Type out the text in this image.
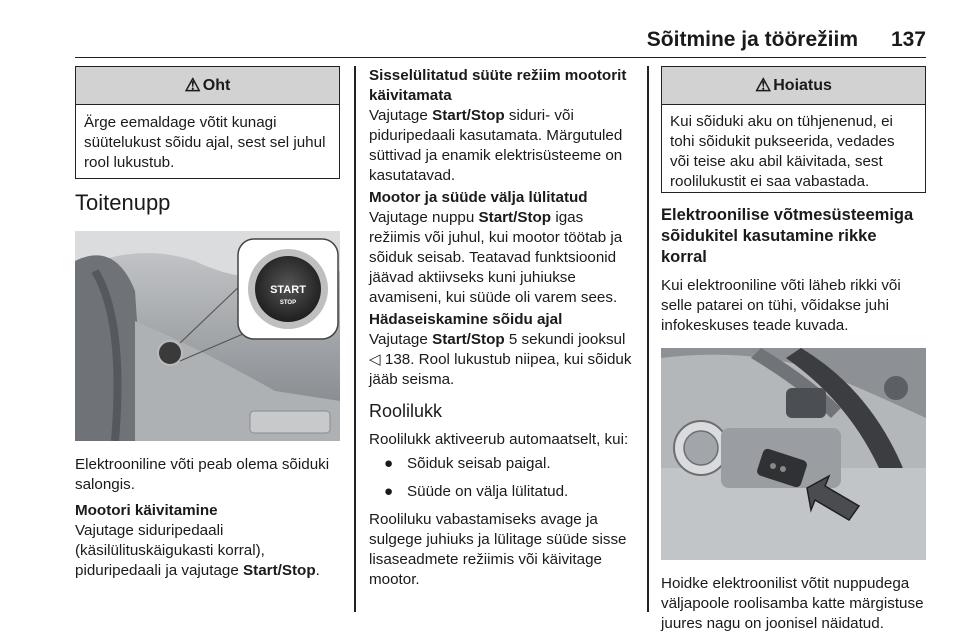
Sõitmine ja töörežiim 137
⚠ Oht
Ärge eemaldage võtit kunagi süütelukust sõidu ajal, sest sel juhul rool lukustub.
Toitenupp
START
STOP
Elektrooniline võti peab olema sõiduki salongis.
Mootori käivitamine
Vajutage siduripedaali
(käsilülituskäigukasti korral),
piduripedaali ja vajutage Start/Stop.
Sisselülitatud süüte režiim mootorit käivitamata
Vajutage Start/Stop siduri- või piduripedaali kasutamata. Märgutuled süttivad ja enamik elektrisüsteeme on kasutatavad.
Mootor ja süüde välja lülitatud
Vajutage nuppu Start/Stop igas režiimis või juhul, kui mootor töötab ja sõiduk seisab. Teatavad funktsioonid jäävad aktiivseks kuni juhiukse avamiseni, kui süüde oli varem sees.
Hädaseiskamine sõidu ajal
Vajutage Start/Stop 5 sekundi jooksul ◁ 138. Rool lukustub niipea, kui sõiduk jääb seisma.
Roolilukk
Roolilukk aktiveerub automaatselt, kui:
● Sõiduk seisab paigal.
● Süüde on välja lülitatud.
Rooliluku vabastamiseks avage ja sulgege juhiuks ja lülitage süüde sisse lisaseadmete režiimis või käivitage mootor.
⚠ Hoiatus
Kui sõiduki aku on tühjenenud, ei tohi sõidukit pukseerida, vedades või teise aku abil käivitada, sest roolilukustit ei saa vabastada.
Elektroonilise võtmesüsteemiga sõidukitel kasutamine rikke korral
Kui elektrooniline võti läheb rikki või selle patarei on tühi, võidakse juhi infokeskuses teade kuvada.
Hoidke elektroonilist võtit nuppudega väljapoole roolisamba katte märgistuse juures nagu on joonisel näidatud.
